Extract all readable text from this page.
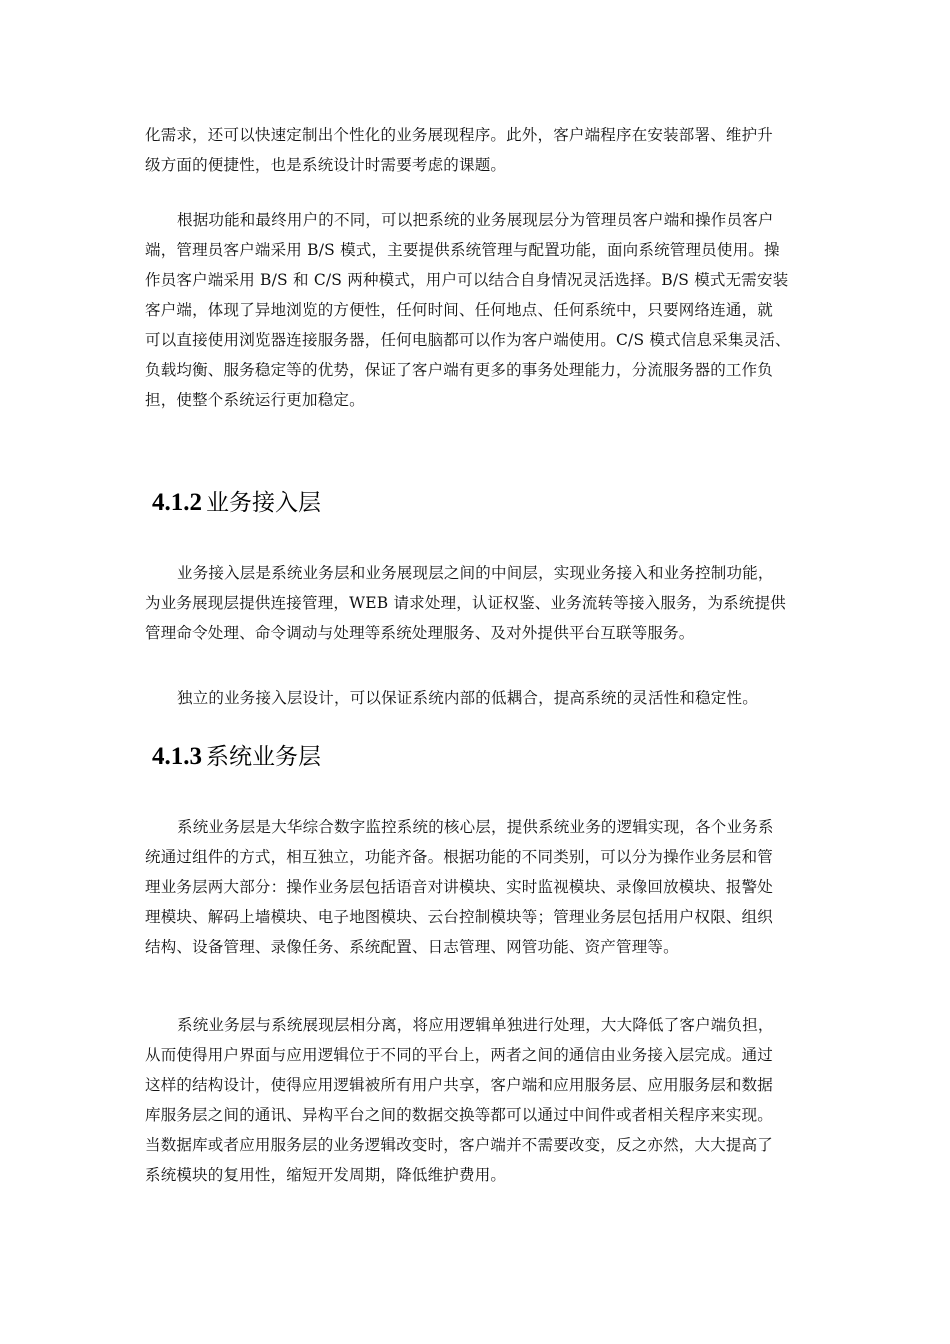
化需求，还可以快速定制出个性化的业务展现程序。此外，客户端程序在安装部署、维护升
级方面的便捷性，也是系统设计时需要考虑的课题。
根据功能和最终用户的不同，可以把系统的业务展现层分为管理员客户端和操作员客户
端，管理员客户端采用 B/S 模式，主要提供系统管理与配置功能，面向系统管理员使用。操
作员客户端采用 B/S 和 C/S 两种模式，用户可以结合自身情况灵活选择。B/S 模式无需安装
客户端，体现了异地浏览的方便性，任何时间、任何地点、任何系统中，只要网络连通，就
可以直接使用浏览器连接服务器，任何电脑都可以作为客户端使用。C/S 模式信息采集灵活、
负载均衡、服务稳定等的优势，保证了客户端有更多的事务处理能力，分流服务器的工作负
担，使整个系统运行更加稳定。
4.1.2 业务接入层
业务接入层是系统业务层和业务展现层之间的中间层，实现业务接入和业务控制功能，
为业务展现层提供连接管理，WEB 请求处理，认证权鉴、业务流转等接入服务，为系统提供
管理命令处理、命令调动与处理等系统处理服务、及对外提供平台互联等服务。
独立的业务接入层设计，可以保证系统内部的低耦合，提高系统的灵活性和稳定性。
4.1.3 系统业务层
系统业务层是大华综合数字监控系统的核心层，提供系统业务的逻辑实现，各个业务系
统通过组件的方式，相互独立，功能齐备。根据功能的不同类别，可以分为操作业务层和管
理业务层两大部分：操作业务层包括语音对讲模块、实时监视模块、录像回放模块、报警处
理模块、解码上墙模块、电子地图模块、云台控制模块等；管理业务层包括用户权限、组织
结构、设备管理、录像任务、系统配置、日志管理、网管功能、资产管理等。
系统业务层与系统展现层相分离，将应用逻辑单独进行处理，大大降低了客户端负担，
从而使得用户界面与应用逻辑位于不同的平台上，两者之间的通信由业务接入层完成。通过
这样的结构设计，使得应用逻辑被所有用户共享，客户端和应用服务层、应用服务层和数据
库服务层之间的通讯、异构平台之间的数据交换等都可以通过中间件或者相关程序来实现。
当数据库或者应用服务层的业务逻辑改变时，客户端并不需要改变，反之亦然，大大提高了
系统模块的复用性，缩短开发周期，降低维护费用。
